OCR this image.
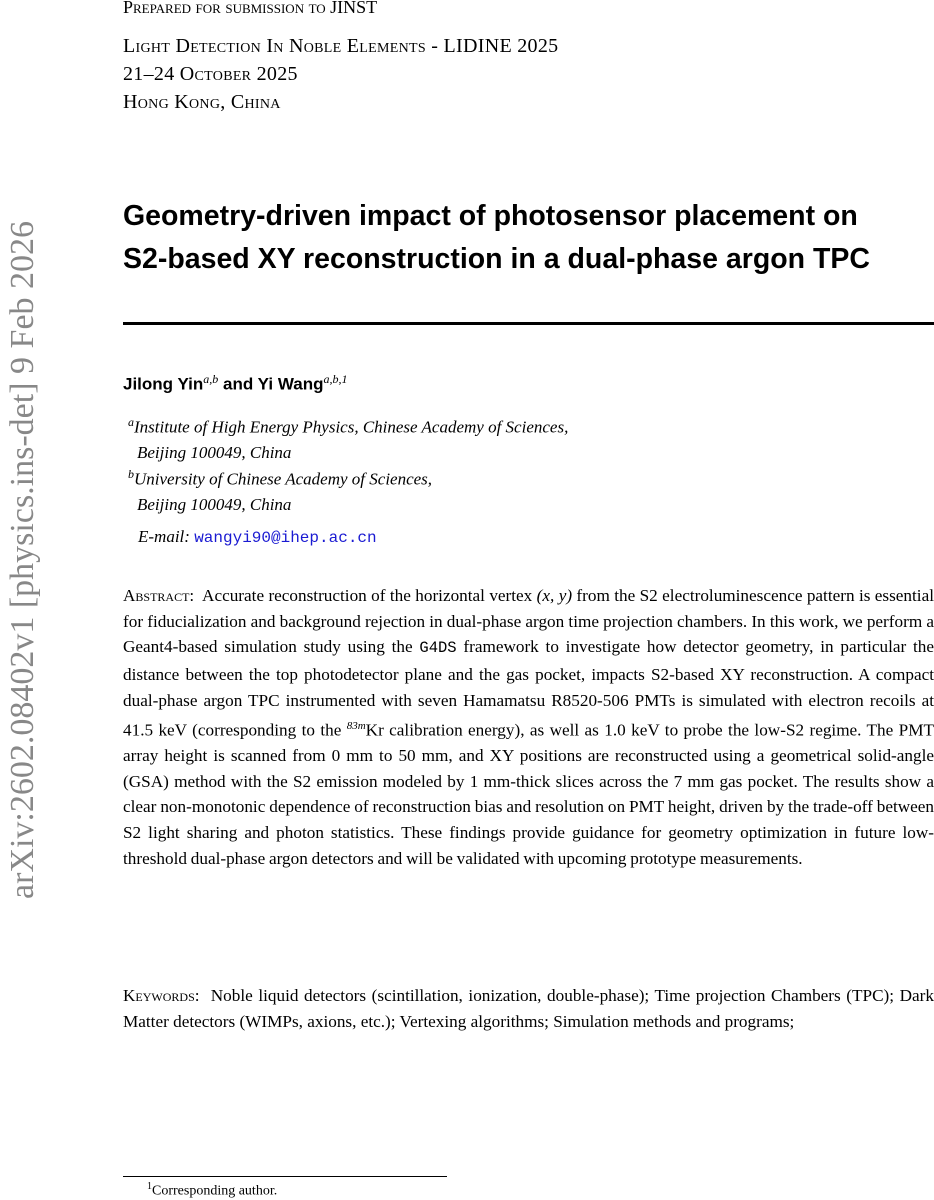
arXiv:2602.08402v1 [physics.ins-det] 9 Feb 2026
Prepared for submission to JINST
Light Detection In Noble Elements - LIDINE 2025
21–24 October 2025
Hong Kong, China
Geometry-driven impact of photosensor placement on
S2-based XY reconstruction in a dual-phase argon TPC
Jilong Yin$^{a,b}$ and Yi Wang$^{a,b,1}$
$^a$Institute of High Energy Physics, Chinese Academy of Sciences,
Beijing 100049, China
$^b$University of Chinese Academy of Sciences,
Beijing 100049, China
E-mail: wangyi90@ihep.ac.cn

Abstract: Accurate reconstruction of the horizontal vertex (x, y) from the S2 electroluminescence pattern is essential for fiducialization and background rejection in dual-phase argon time projection chambers. In this work, we perform a Geant4-based simulation study using the G4DS framework to investigate how detector geometry, in particular the distance between the top photodetector plane and the gas pocket, impacts S2-based XY reconstruction. A compact dual-phase argon TPC instrumented with seven Hamamatsu R8520-506 PMTs is simulated with electron recoils at 41.5 keV (corresponding to the $^{83m}$Kr calibration energy), as well as 1.0 keV to probe the low-S2 regime. The PMT array height is scanned from 0 mm to 50 mm, and XY positions are reconstructed using a geometrical solid-angle (GSA) method with the S2 emission modeled by 1 mm-thick slices across the 7 mm gas pocket. The results show a clear non-monotonic dependence of reconstruction bias and resolution on PMT height, driven by the trade-off between S2 light sharing and photon statistics. These findings provide guidance for geometry optimization in future low-threshold dual-phase argon detectors and will be validated with upcoming prototype measurements.

Keywords: Noble liquid detectors (scintillation, ionization, double-phase); Time projection Chambers (TPC); Dark Matter detectors (WIMPs, axions, etc.); Vertexing algorithms; Simulation methods and programs;

$^1$Corresponding author.
